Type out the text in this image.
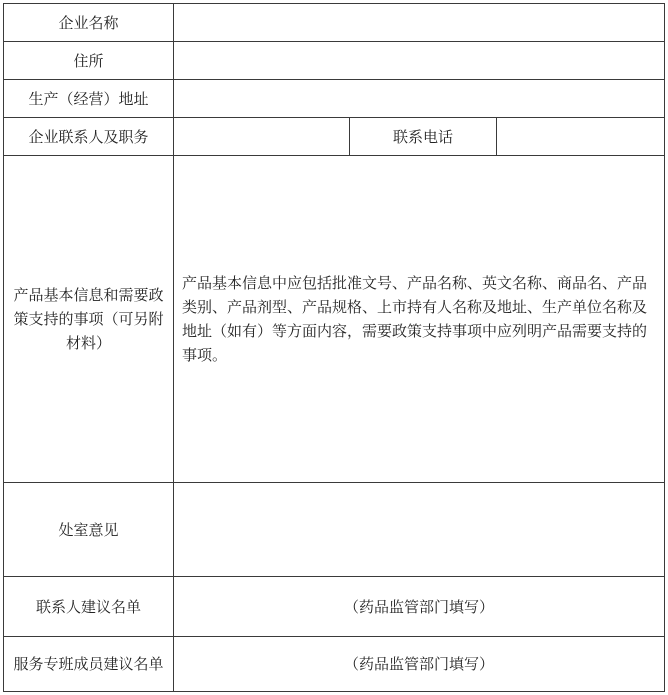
企业名称			
住所			
生产（经营）地址			
企业联系人及职务		联系电话	
产品基本信息和需要政策支持的事项（可另附材料）	产品基本信息中应包括批准文号、产品名称、英文名称、商品名、产品类别、产品剂型、产品规格、上市持有人名称及地址、生产单位名称及地址（如有）等方面内容，需要政策支持事项中应列明产品需要支持的事项。		
处室意见			
联系人建议名单	（药品监管部门填写）		
服务专班成员建议名单	（药品监管部门填写）		
